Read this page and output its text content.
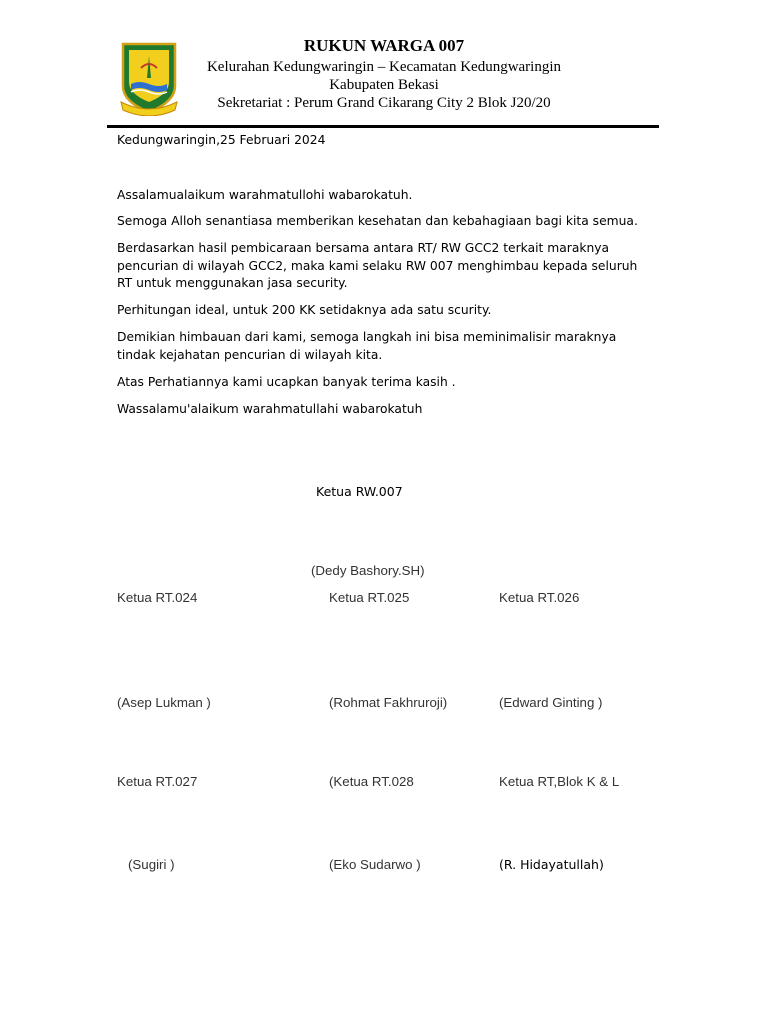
RUKUN WARGA 007
Kelurahan Kedungwaringin – Kecamatan Kedungwaringin
Kabupaten Bekasi
Sekretariat : Perum Grand Cikarang City 2 Blok J20/20
Kedungwaringin,25 Februari 2024
Assalamualaikum warahmatullohi wabarokatuh.
Semoga Alloh senantiasa memberikan kesehatan dan kebahagiaan bagi kita semua.
Berdasarkan hasil pembicaraan bersama antara RT/ RW GCC2 terkait maraknya pencurian di wilayah GCC2, maka kami selaku RW 007 menghimbau kepada seluruh RT untuk menggunakan jasa security.
Perhitungan ideal, untuk 200 KK setidaknya ada satu scurity.
Demikian himbauan dari kami, semoga langkah ini bisa meminimalisir maraknya tindak kejahatan pencurian di wilayah kita.
Atas Perhatiannya kami ucapkan banyak terima kasih .
Wassalamu'alaikum warahmatullahi wabarokatuh
Ketua RW.007
(Dedy Bashory.SH)
Ketua RT.024	Ketua RT.025	Ketua RT.026
(Asep Lukman )	(Rohmat Fakhruroji)	(Edward Ginting )
Ketua RT.027	(Ketua RT.028	Ketua RT,Blok K & L
(Sugiri )	(Eko Sudarwo )	(R. Hidayatullah)
